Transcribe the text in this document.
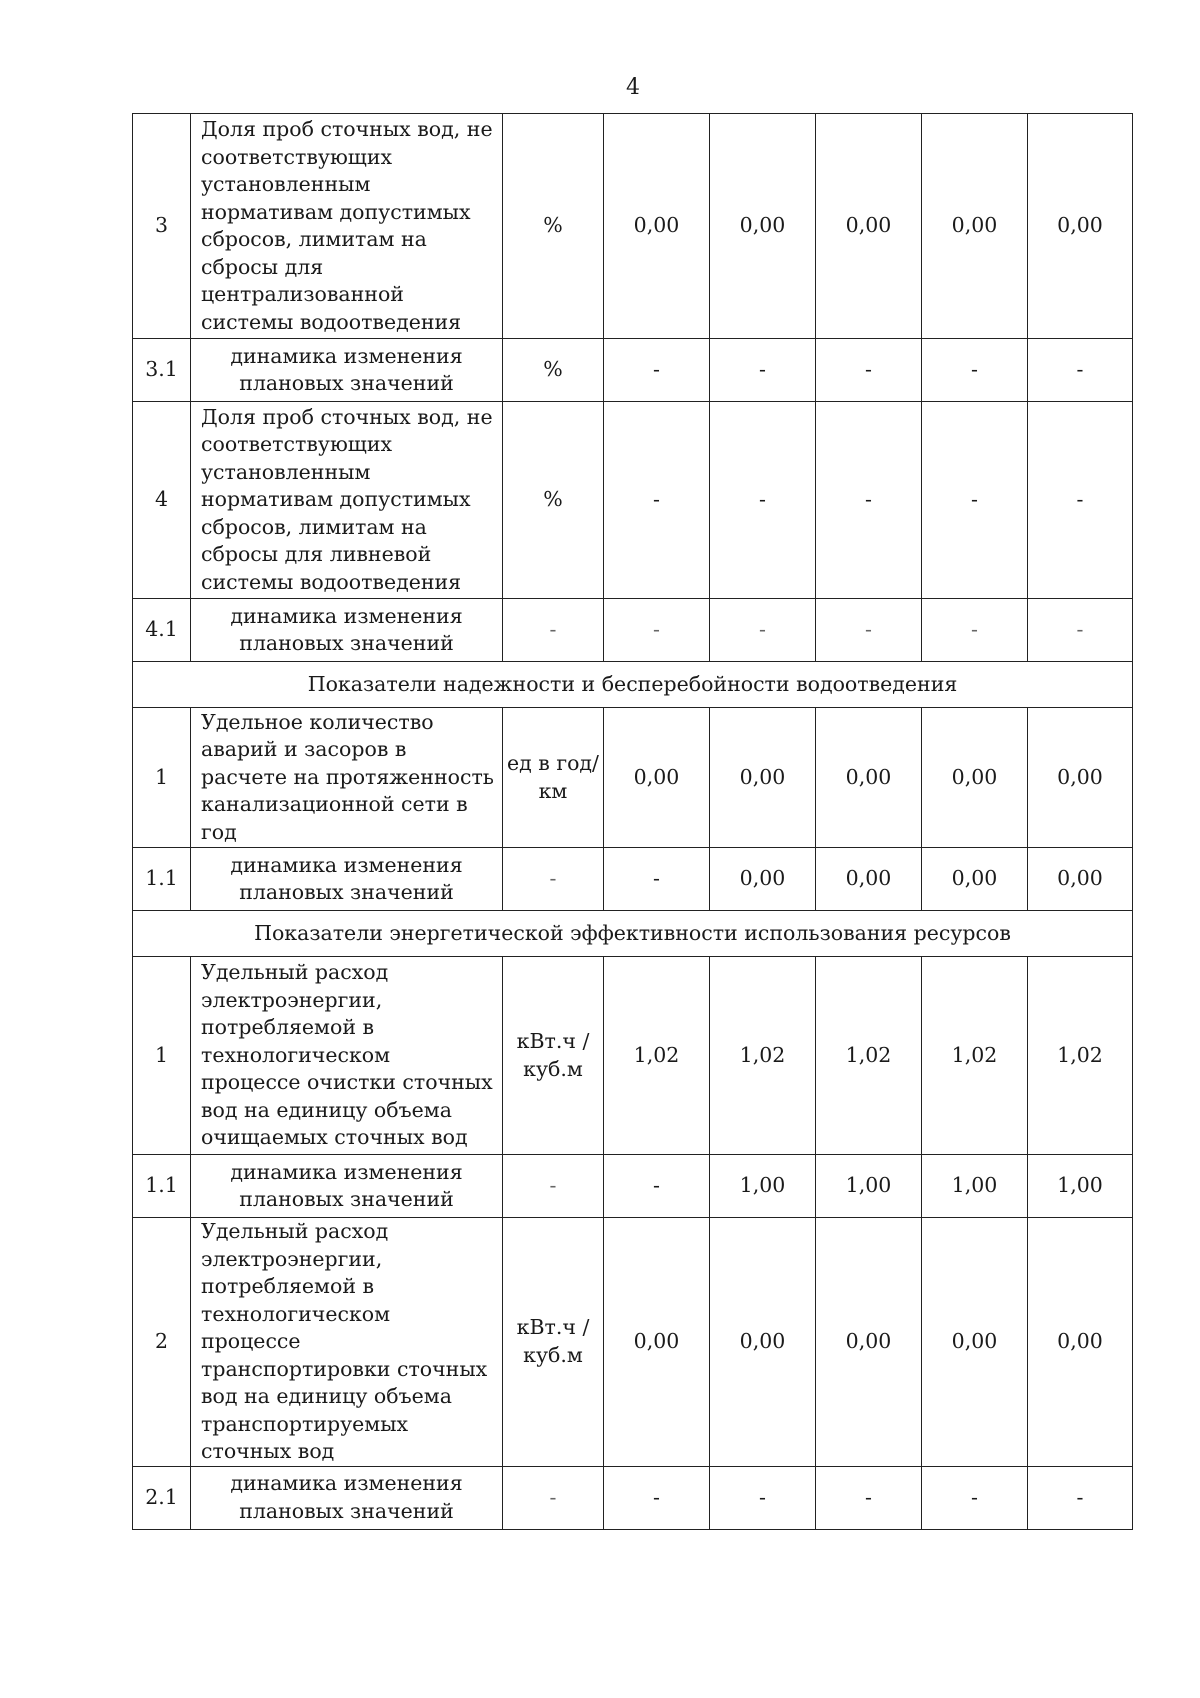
4
3	Доля проб сточных вод, не соответствующих установленным нормативам допустимых сбросов, лимитам на сбросы для централизованной системы водоотведения	%	0,00	0,00	0,00	0,00	0,00
3.1	динамика изменения плановых значений	%	-	-	-	-	-
4	Доля проб сточных вод, не соответствующих установленным нормативам допустимых сбросов, лимитам на сбросы для ливневой системы водоотведения	%	-	-	-	-	-
4.1	динамика изменения плановых значений	-	-	-	-	-	-
Показатели надежности и бесперебойности водоотведения							
1	Удельное количество аварий и засоров в расчете на протяженность канализационной сети в год	ед в год/ км	0,00	0,00	0,00	0,00	0,00
1.1	динамика изменения плановых значений	-	-	0,00	0,00	0,00	0,00
Показатели энергетической эффективности использования ресурсов							
1	Удельный расход электроэнергии, потребляемой в технологическом процессе очистки сточных вод на единицу объема очищаемых сточных вод	кВт.ч / куб.м	1,02	1,02	1,02	1,02	1,02
1.1	динамика изменения плановых значений	-	-	1,00	1,00	1,00	1,00
2	Удельный расход электроэнергии, потребляемой в технологическом процессе транспортировки сточных вод на единицу объема транспортируемых сточных вод	кВт.ч / куб.м	0,00	0,00	0,00	0,00	0,00
2.1	динамика изменения плановых значений	-	-	-	-	-	-
